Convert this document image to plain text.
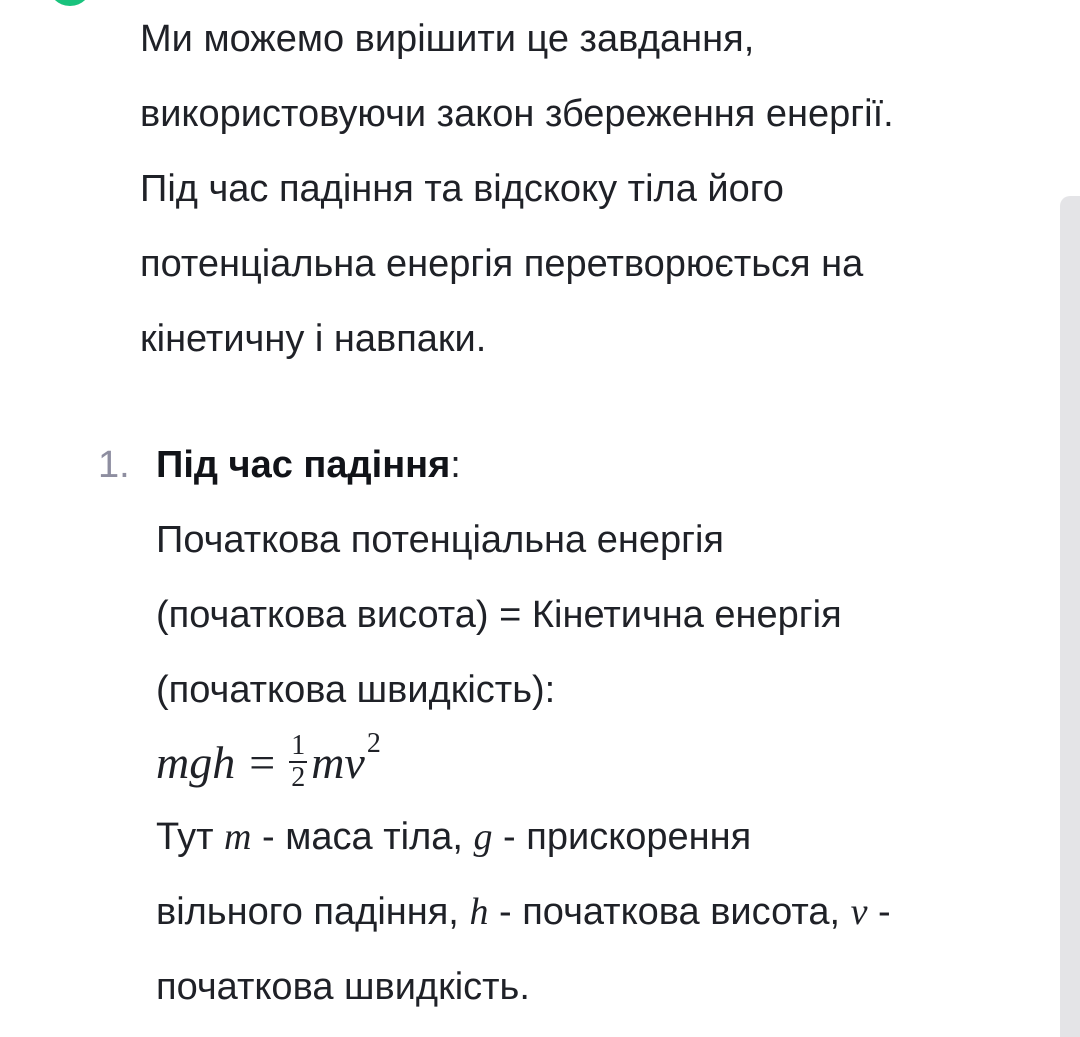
Ми можемо вирішити це завдання,
використовуючи закон збереження енергії.
Під час падіння та відскоку тіла його
потенціальна енергія перетворюється на
кінетичну і навпаки.

1. Під час падіння:
Початкова потенціальна енергія
(початкова висота) = Кінетична енергія
(початкова швидкість):
mgh = $\frac{1}{2}$ mv 2
Тут m - маса тіла, g - прискорення
вільного падіння, h - початкова висота, v -
початкова швидкість.
